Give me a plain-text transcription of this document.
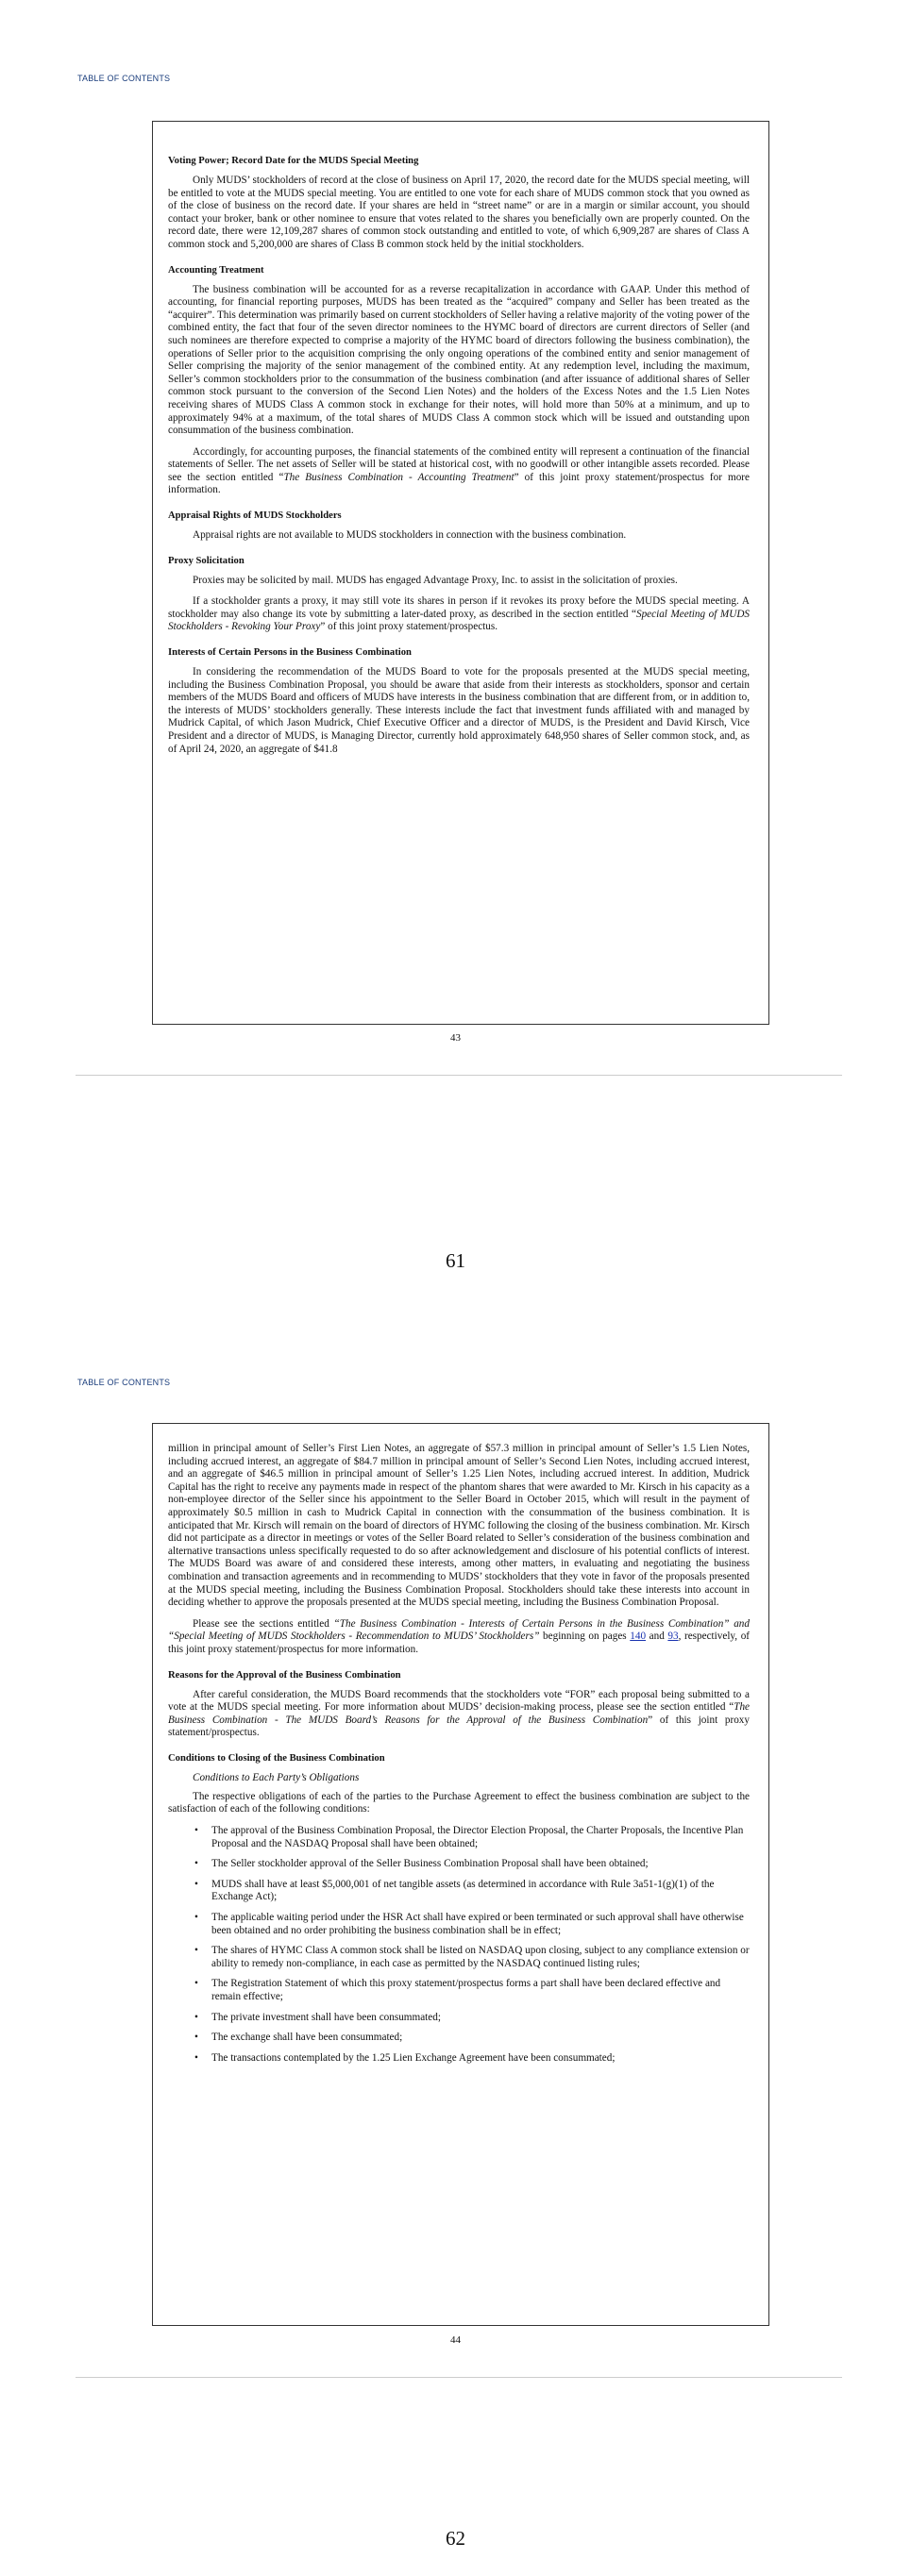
TABLE OF CONTENTS
Voting Power; Record Date for the MUDS Special Meeting

Only MUDS’ stockholders of record at the close of business on April 17, 2020, the record date for the MUDS special meeting, will be entitled to vote at the MUDS special meeting. You are entitled to one vote for each share of MUDS common stock that you owned as of the close of business on the record date. If your shares are held in “street name” or are in a margin or similar account, you should contact your broker, bank or other nominee to ensure that votes related to the shares you beneficially own are properly counted. On the record date, there were 12,109,287 shares of common stock outstanding and entitled to vote, of which 6,909,287 are shares of Class A common stock and 5,200,000 are shares of Class B common stock held by the initial stockholders.

Accounting Treatment

The business combination will be accounted for as a reverse recapitalization in accordance with GAAP. Under this method of accounting, for financial reporting purposes, MUDS has been treated as the “acquired” company and Seller has been treated as the “acquirer”. This determination was primarily based on current stockholders of Seller having a relative majority of the voting power of the combined entity, the fact that four of the seven director nominees to the HYMC board of directors are current directors of Seller (and such nominees are therefore expected to comprise a majority of the HYMC board of directors following the business combination), the operations of Seller prior to the acquisition comprising the only ongoing operations of the combined entity and senior management of Seller comprising the majority of the senior management of the combined entity. At any redemption level, including the maximum, Seller’s common stockholders prior to the consummation of the business combination (and after issuance of additional shares of Seller common stock pursuant to the conversion of the Second Lien Notes) and the holders of the Excess Notes and the 1.5 Lien Notes receiving shares of MUDS Class A common stock in exchange for their notes, will hold more than 50% at a minimum, and up to approximately 94% at a maximum, of the total shares of MUDS Class A common stock which will be issued and outstanding upon consummation of the business combination.

Accordingly, for accounting purposes, the financial statements of the combined entity will represent a continuation of the financial statements of Seller. The net assets of Seller will be stated at historical cost, with no goodwill or other intangible assets recorded. Please see the section entitled “The Business Combination - Accounting Treatment” of this joint proxy statement/prospectus for more information.

Appraisal Rights of MUDS Stockholders

Appraisal rights are not available to MUDS stockholders in connection with the business combination.

Proxy Solicitation

Proxies may be solicited by mail. MUDS has engaged Advantage Proxy, Inc. to assist in the solicitation of proxies.

If a stockholder grants a proxy, it may still vote its shares in person if it revokes its proxy before the MUDS special meeting. A stockholder may also change its vote by submitting a later-dated proxy, as described in the section entitled “Special Meeting of MUDS Stockholders - Revoking Your Proxy” of this joint proxy statement/prospectus.

Interests of Certain Persons in the Business Combination

In considering the recommendation of the MUDS Board to vote for the proposals presented at the MUDS special meeting, including the Business Combination Proposal, you should be aware that aside from their interests as stockholders, sponsor and certain members of the MUDS Board and officers of MUDS have interests in the business combination that are different from, or in addition to, the interests of MUDS’ stockholders generally. These interests include the fact that investment funds affiliated with and managed by Mudrick Capital, of which Jason Mudrick, Chief Executive Officer and a director of MUDS, is the President and David Kirsch, Vice President and a director of MUDS, is Managing Director, currently hold approximately 648,950 shares of Seller common stock, and, as of April 24, 2020, an aggregate of $41.8

43
61
TABLE OF CONTENTS

million in principal amount of Seller’s First Lien Notes, an aggregate of $57.3 million in principal amount of Seller’s 1.5 Lien Notes, including accrued interest, an aggregate of $84.7 million in principal amount of Seller’s Second Lien Notes, including accrued interest, and an aggregate of $46.5 million in principal amount of Seller’s 1.25 Lien Notes, including accrued interest. In addition, Mudrick Capital has the right to receive any payments made in respect of the phantom shares that were awarded to Mr. Kirsch in his capacity as a non-employee director of the Seller since his appointment to the Seller Board in October 2015, which will result in the payment of approximately $0.5 million in cash to Mudrick Capital in connection with the consummation of the business combination. It is anticipated that Mr. Kirsch will remain on the board of directors of HYMC following the closing of the business combination. Mr. Kirsch did not participate as a director in meetings or votes of the Seller Board related to Seller’s consideration of the business combination and alternative transactions unless specifically requested to do so after acknowledgement and disclosure of his potential conflicts of interest. The MUDS Board was aware of and considered these interests, among other matters, in evaluating and negotiating the business combination and transaction agreements and in recommending to MUDS’ stockholders that they vote in favor of the proposals presented at the MUDS special meeting, including the Business Combination Proposal. Stockholders should take these interests into account in deciding whether to approve the proposals presented at the MUDS special meeting, including the Business Combination Proposal.

Please see the sections entitled “The Business Combination - Interests of Certain Persons in the Business Combination” and “Special Meeting of MUDS Stockholders - Recommendation to MUDS’ Stockholders” beginning on pages 140 and 93, respectively, of this joint proxy statement/prospectus for more information.

Reasons for the Approval of the Business Combination

After careful consideration, the MUDS Board recommends that the stockholders vote “FOR” each proposal being submitted to a vote at the MUDS special meeting. For more information about MUDS’ decision-making process, please see the section entitled “The Business Combination - The MUDS Board’s Reasons for the Approval of the Business Combination” of this joint proxy statement/prospectus.

Conditions to Closing of the Business Combination
Conditions to Each Party’s Obligations

The respective obligations of each of the parties to the Purchase Agreement to effect the business combination are subject to the satisfaction of each of the following conditions:

• The approval of the Business Combination Proposal, the Director Election Proposal, the Charter Proposals, the Incentive Plan Proposal and the NASDAQ Proposal shall have been obtained;
• The Seller stockholder approval of the Seller Business Combination Proposal shall have been obtained;
• MUDS shall have at least $5,000,001 of net tangible assets (as determined in accordance with Rule 3a51-1(g)(1) of the Exchange Act);
• The applicable waiting period under the HSR Act shall have expired or been terminated or such approval shall have otherwise been obtained and no order prohibiting the business combination shall be in effect;
• The shares of HYMC Class A common stock shall be listed on NASDAQ upon closing, subject to any compliance extension or ability to remedy non-compliance, in each case as permitted by the NASDAQ continued listing rules;
• The Registration Statement of which this proxy statement/prospectus forms a part shall have been declared effective and remain effective;
• The private investment shall have been consummated;
• The exchange shall have been consummated;
• The transactions contemplated by the 1.25 Lien Exchange Agreement have been consummated;
44
62
